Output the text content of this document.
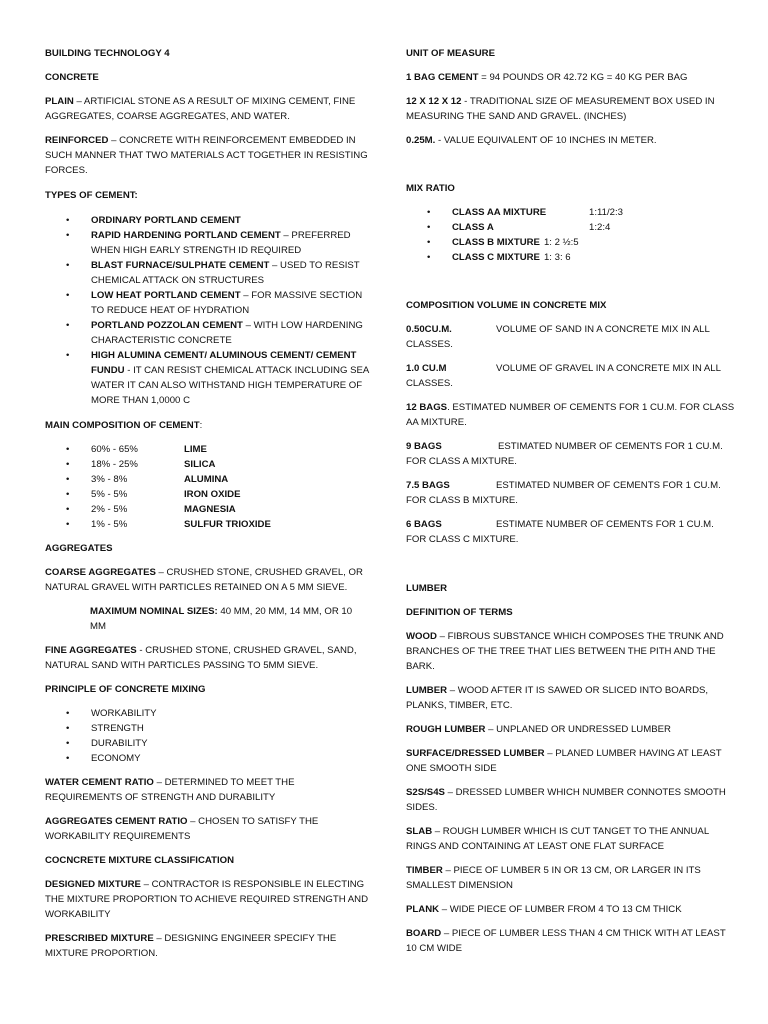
BUILDING TECHNOLOGY 4

CONCRETE

PLAIN – ARTIFICIAL STONE AS A RESULT OF MIXING CEMENT, FINE AGGREGATES, COARSE AGGREGATES, AND WATER.

REINFORCED – CONCRETE WITH REINFORCEMENT EMBEDDED IN SUCH MANNER THAT TWO MATERIALS ACT TOGETHER IN RESISTING FORCES.

TYPES OF CEMENT:

• ORDINARY PORTLAND CEMENT
• RAPID HARDENING PORTLAND CEMENT – PREFERRED WHEN HIGH EARLY STRENGTH ID REQUIRED
• BLAST FURNACE/SULPHATE CEMENT – USED TO RESIST CHEMICAL ATTACK ON STRUCTURES
• LOW HEAT PORTLAND CEMENT – FOR MASSIVE SECTION TO REDUCE HEAT OF HYDRATION
• PORTLAND POZZOLAN CEMENT – WITH LOW HARDENING CHARACTERISTIC CONCRETE
• HIGH ALUMINA CEMENT/ ALUMINOUS CEMENT/ CEMENT FUNDU - IT CAN RESIST CHEMICAL ATTACK INCLUDING SEA WATER IT CAN ALSO WITHSTAND HIGH TEMPERATURE OF MORE THAN 1,0000 C

MAIN COMPOSITION OF CEMENT:

• 60% - 65%	LIME
• 18% - 25%	SILICA
• 3% - 8%	ALUMINA
• 5% - 5%	IRON OXIDE
• 2% - 5%	MAGNESIA
• 1% - 5%	SULFUR TRIOXIDE

AGGREGATES

COARSE AGGREGATES – CRUSHED STONE, CRUSHED GRAVEL, OR NATURAL GRAVEL WITH PARTICLES RETAINED ON A 5 MM SIEVE.

MAXIMUM NOMINAL SIZES: 40 MM, 20 MM, 14 MM, OR 10 MM

FINE AGGREGATES - CRUSHED STONE, CRUSHED GRAVEL, SAND, NATURAL SAND WITH PARTICLES PASSING TO 5MM SIEVE.

PRINCIPLE OF CONCRETE MIXING

• WORKABILITY
• STRENGTH
• DURABILITY
• ECONOMY

WATER CEMENT RATIO – DETERMINED TO MEET THE REQUIREMENTS OF STRENGTH AND DURABILITY

AGGREGATES CEMENT RATIO – CHOSEN TO SATISFY THE WORKABILITY REQUIREMENTS

COCNCRETE MIXTURE CLASSIFICATION

DESIGNED MIXTURE – CONTRACTOR IS RESPONSIBLE IN ELECTING THE MIXTURE PROPORTION TO ACHIEVE REQUIRED STRENGTH AND WORKABILITY

PRESCRIBED MIXTURE – DESIGNING ENGINEER SPECIFY THE MIXTURE PROPORTION.

UNIT OF MEASURE

1 BAG CEMENT = 94 POUNDS OR 42.72 KG = 40 KG PER BAG

12 X 12 X 12 - TRADITIONAL SIZE OF MEASUREMENT BOX USED IN MEASURING THE SAND AND GRAVEL. (INCHES)

0.25M. - VALUE EQUIVALENT OF 10 INCHES IN METER.

MIX RATIO

• CLASS AA MIXTURE	1:11/2:3
• CLASS A	1:2:4
• CLASS B MIXTURE 1: 2 ½:5
• CLASS C MIXTURE 1: 3: 6

COMPOSITION VOLUME IN CONCRETE MIX

0.50CU.M.	VOLUME OF SAND IN A CONCRETE MIX IN ALL CLASSES.

1.0 CU.M	VOLUME OF GRAVEL IN A CONCRETE MIX IN ALL CLASSES.

12 BAGS. ESTIMATED NUMBER OF CEMENTS FOR 1 CU.M. FOR CLASS AA MIXTURE.

9 BAGS	ESTIMATED NUMBER OF CEMENTS FOR 1 CU.M. FOR CLASS A MIXTURE.

7.5 BAGS	ESTIMATED NUMBER OF CEMENTS FOR 1 CU.M. FOR CLASS B MIXTURE.

6 BAGS	ESTIMATE NUMBER OF CEMENTS FOR 1 CU.M. FOR CLASS C MIXTURE.

LUMBER

DEFINITION OF TERMS

WOOD – FIBROUS SUBSTANCE WHICH COMPOSES THE TRUNK AND BRANCHES OF THE TREE THAT LIES BETWEEN THE PITH AND THE BARK.

LUMBER – WOOD AFTER IT IS SAWED OR SLICED INTO BOARDS, PLANKS, TIMBER, ETC.

ROUGH LUMBER – UNPLANED OR UNDRESSED LUMBER

SURFACE/DRESSED LUMBER – PLANED LUMBER HAVING AT LEAST ONE SMOOTH SIDE

S2S/S4S – DRESSED LUMBER WHICH NUMBER CONNOTES SMOOTH SIDES.

SLAB – ROUGH LUMBER WHICH IS CUT TANGET TO THE ANNUAL RINGS AND CONTAINING AT LEAST ONE FLAT SURFACE

TIMBER – PIECE OF LUMBER 5 IN OR 13 CM, OR LARGER IN ITS SMALLEST DIMENSION

PLANK – WIDE PIECE OF LUMBER FROM 4 TO 13 CM THICK

BOARD – PIECE OF LUMBER LESS THAN 4 CM THICK WITH AT LEAST 10 CM WIDE
